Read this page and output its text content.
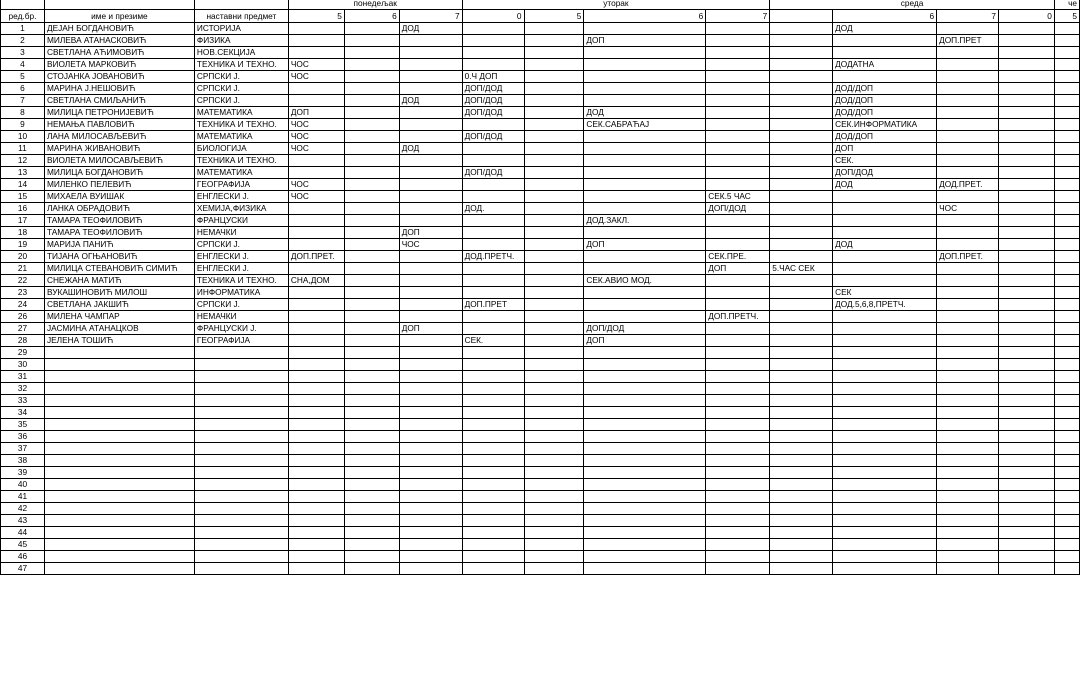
			понедељак			уторак				среда				че
ред.бр.	име и презиме	наставни предмет	5	6	7	0	5	6	7		6	7	0	5
1	ДЕЈАН БОГДАНОВИЋ	ИСТОРИЈА			ДОД						ДОД			
2	МИЛЕВА АТАНАСКОВИЋ	ФИЗИКА						ДОП				ДОП.ПРЕТ		
3	СВЕТЛАНА АЋИМОВИЋ	НОВ.СЕКЦИЈА												
4	ВИОЛЕТА МАРКОВИЋ	ТЕХНИКА И ТЕХНО.	ЧОС								ДОДАТНА			
5	СТОЈАНКА ЈОВАНОВИЋ	СРПСКИ Ј.	ЧОС			0.Ч ДОП								
6	МАРИНА Ј.НЕШОВИЋ	СРПСКИ Ј.				ДОП/ДОД					ДОД/ДОП			
7	СВЕТЛАНА СМИЉАНИЋ	СРПСКИ Ј.			ДОД	ДОП/ДОД					ДОД/ДОП			
8	МИЛИЦА ПЕТРОНИЈЕВИЋ	МАТЕМАТИКА	ДОП			ДОП/ДОД		ДОД			ДОД/ДОП			
9	НЕМАЊА ПАВЛОВИЋ	ТЕХНИКА И ТЕХНО.	ЧОС					СЕК.САБРАЋАЈ			СЕК.ИНФОРМАТИКА			
10	ЛАНА МИЛОСАВЉЕВИЋ	МАТЕМАТИКА	ЧОС			ДОП/ДОД					ДОД/ДОП			
11	МАРИНА ЖИВАНОВИЋ	БИОЛОГИЈА	ЧОС		ДОД						ДОП			
12	ВИОЛЕТА МИЛОСАВЉЕВИЋ	ТЕХНИКА И ТЕХНО.									СЕК.			
13	МИЛИЦА БОГДАНОВИЋ	МАТЕМАТИКА				ДОП/ДОД					ДОП/ДОД			
14	МИЛЕНКО ПЕЛЕВИЋ	ГЕОГРАФИЈА	ЧОС								ДОД	ДОД.ПРЕТ.		
15	МИХАЕЛА ВУИШАК	ЕНГЛЕСКИ Ј.	ЧОС						СЕК.5 ЧАС					
16	ЛАНКА ОБРАДОВИЋ	ХЕМИЈА,ФИЗИКА				ДОД.			ДОП/ДОД			ЧОС		
17	ТАМАРА ТЕОФИЛОВИЋ	ФРАНЦУСКИ						ДОД.ЗАКЛ.						
18	ТАМАРА ТЕОФИЛОВИЋ	НЕМАЧКИ			ДОП									
19	МАРИЈА ПАНИЋ	СРПСКИ Ј.			ЧОС			ДОП			ДОД			
20	ТИЈАНА ОГЊАНОВИЋ	ЕНГЛЕСКИ Ј.	ДОП.ПРЕТ.			ДОД.ПРЕТЧ.			СЕК.ПРЕ.			ДОП.ПРЕТ.		
21	МИЛИЦА СТЕВАНОВИЋ СИМИЋ	ЕНГЛЕСКИ Ј.							ДОП	5.ЧАС СЕК				
22	СНЕЖАНА МАТИЋ	ТЕХНИКА И ТЕХНО.	СНА,ДОМ					СЕК.АВИО МОД.						
23	ВУКАШИНОВИЋ МИЛОШ	ИНФОРМАТИКА									СЕК			
24	СВЕТЛАНА ЈАКШИЋ	СРПСКИ Ј.				ДОП.ПРЕТ					ДОД.5,6,8,ПРЕТЧ.			
26	МИЛЕНА ЧАМПАР	НЕМАЧКИ							ДОП.ПРЕТЧ.					
27	ЈАСМИНА АТАНАЦКОВ	ФРАНЦУСКИ Ј.			ДОП			ДОП/ДОД						
28	ЈЕЛЕНА ТОШИЋ	ГЕОГРАФИЈА				СЕК.		ДОП						
29														
30														
31														
32														
33														
34														
35														
36														
37														
38														
39														
40														
41														
42														
43														
44														
45														
46														
47														
